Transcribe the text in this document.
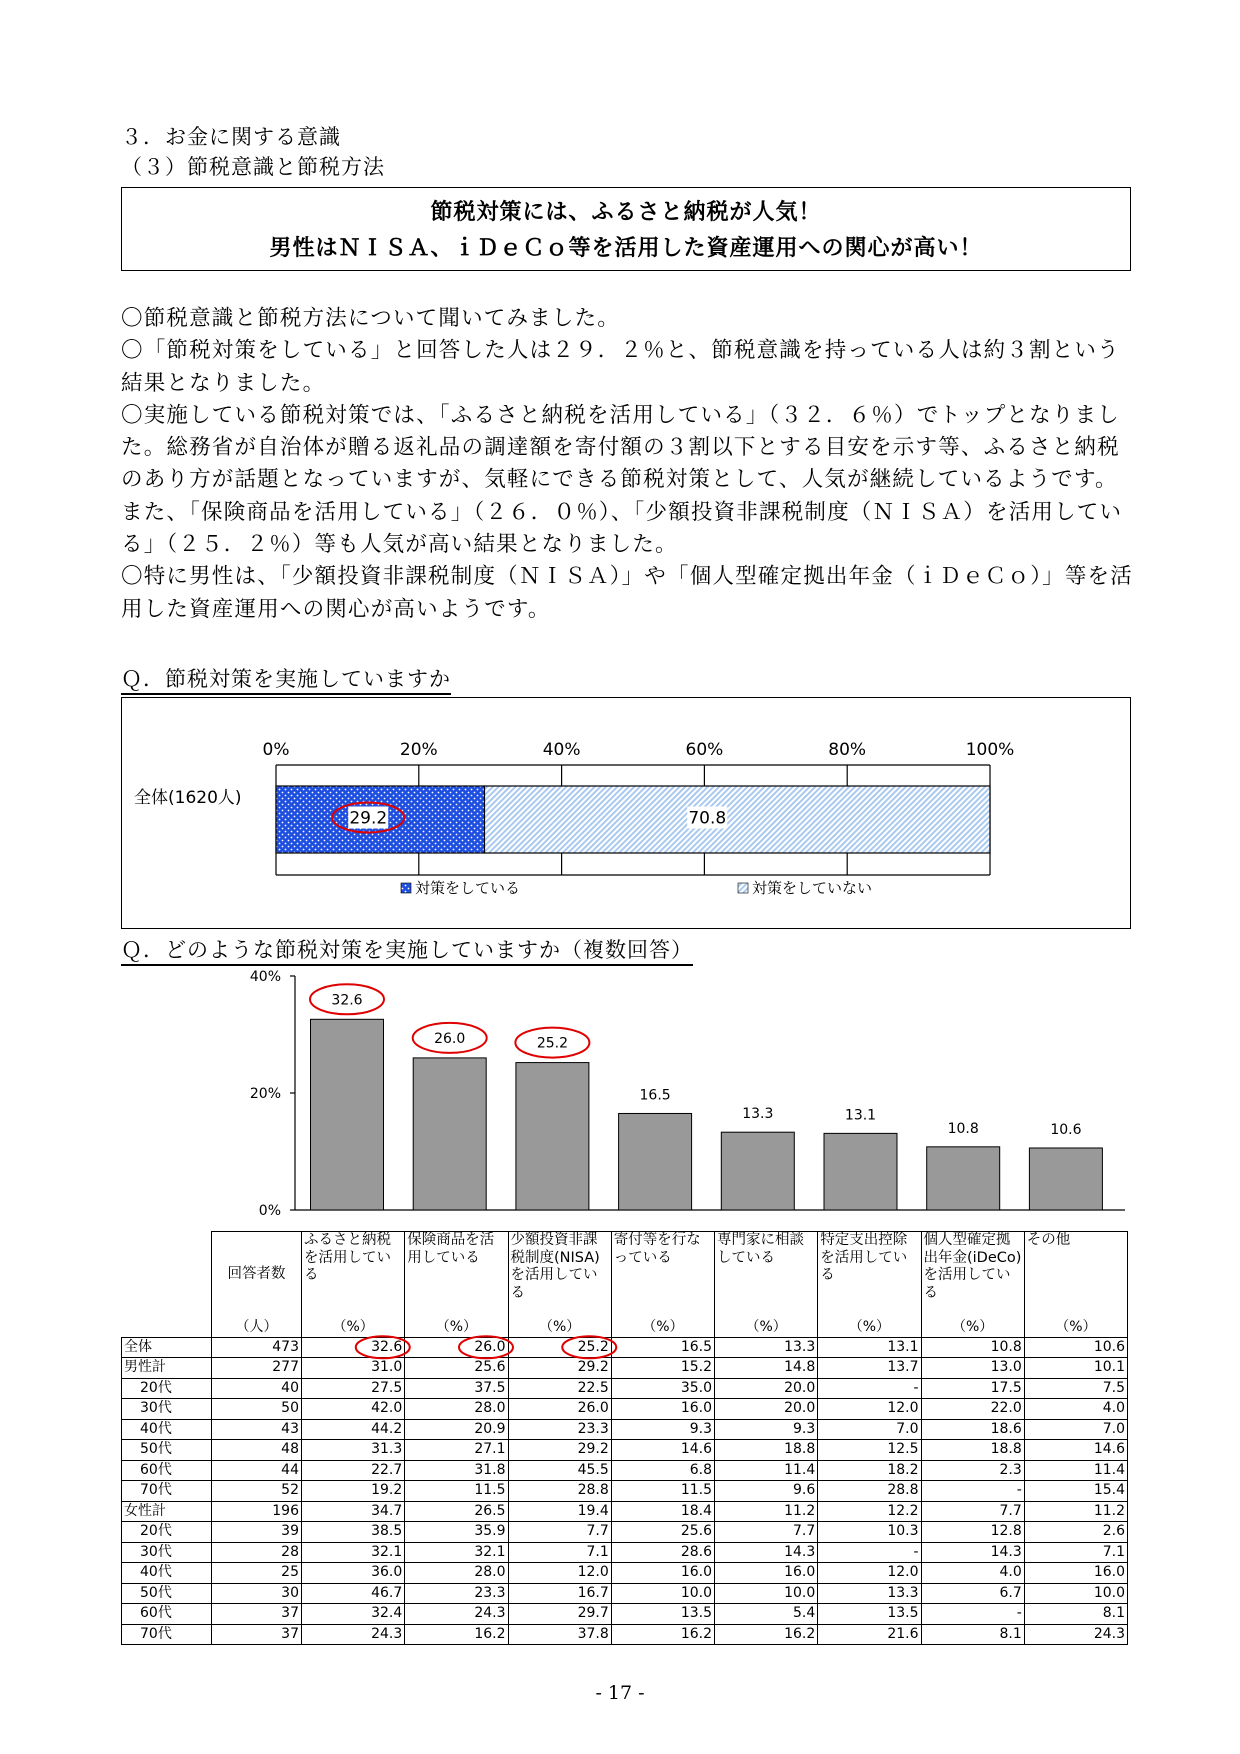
３．お金に関する意識
（３）節税意識と節税方法
節税対策には、ふるさと納税が人気！
男性はＮＩＳＡ、ｉＤｅＣｏ等を活用した資産運用への関心が高い！

〇節税意識と節税方法について聞いてみました。

〇「節税対策をしている」と回答した人は２９．２％と、節税意識を持っている人は約３割という結果となりました。

〇実施している節税対策では、「ふるさと納税を活用している」（３２．６％）でトップとなりました。総務省が自治体が贈る返礼品の調達額を寄付額の３割以下とする目安を示す等、ふるさと納税のあり方が話題となっていますが、気軽にできる節税対策として、人気が継続しているようです。また、「保険商品を活用している」（２６．０％）、「少額投資非課税制度（ＮＩＳＡ）を活用している」（２５．２％）等も人気が高い結果となりました。

〇特に男性は、「少額投資非課税制度（ＮＩＳＡ）」や「個人型確定拠出年金（ｉＤｅＣｏ）」等を活用した資産運用への関心が高いようです。

Ｑ．節税対策を実施していますか
29.2	70.8
0%	20%	40%	60%	80%	100%
全体(1620人)
対策をしている	対策をしていない
Ｑ．どのような節税対策を実施していますか（複数回答）
0%
20%
40%
32.6
26.0	25.2
16.5
13.3	13.1
10.8	10.6
	回答者数	ふるさと納税を活用している	保険商品を活用している	少額投資非課税制度(NISA)を活用している	寄付等を行なっている	専門家に相談している	特定支出控除を活用している	個人型確定拠出年金(iDeCo)を活用している	その他
	（人）	（%）	（%）	（%）	（%）	（%）	（%）	（%）	（%）
全体	473	32.6	26.0	25.2	16.5	13.3	13.1	10.8	10.6
男性計	277	31.0	25.6	29.2	15.2	14.8	13.7	13.0	10.1
20代	40	27.5	37.5	22.5	35.0	20.0	-	17.5	7.5
30代	50	42.0	28.0	26.0	16.0	20.0	12.0	22.0	4.0
40代	43	44.2	20.9	23.3	9.3	9.3	7.0	18.6	7.0
50代	48	31.3	27.1	29.2	14.6	18.8	12.5	18.8	14.6
60代	44	22.7	31.8	45.5	6.8	11.4	18.2	2.3	11.4
70代	52	19.2	11.5	28.8	11.5	9.6	28.8	-	15.4
女性計	196	34.7	26.5	19.4	18.4	11.2	12.2	7.7	11.2
20代	39	38.5	35.9	7.7	25.6	7.7	10.3	12.8	2.6
30代	28	32.1	32.1	7.1	28.6	14.3	-	14.3	7.1
40代	25	36.0	28.0	12.0	16.0	16.0	12.0	4.0	16.0
50代	30	46.7	23.3	16.7	10.0	10.0	13.3	6.7	10.0
60代	37	32.4	24.3	29.7	13.5	5.4	13.5	-	8.1
70代	37	24.3	16.2	37.8	16.2	16.2	21.6	8.1	24.3
- 17 -
